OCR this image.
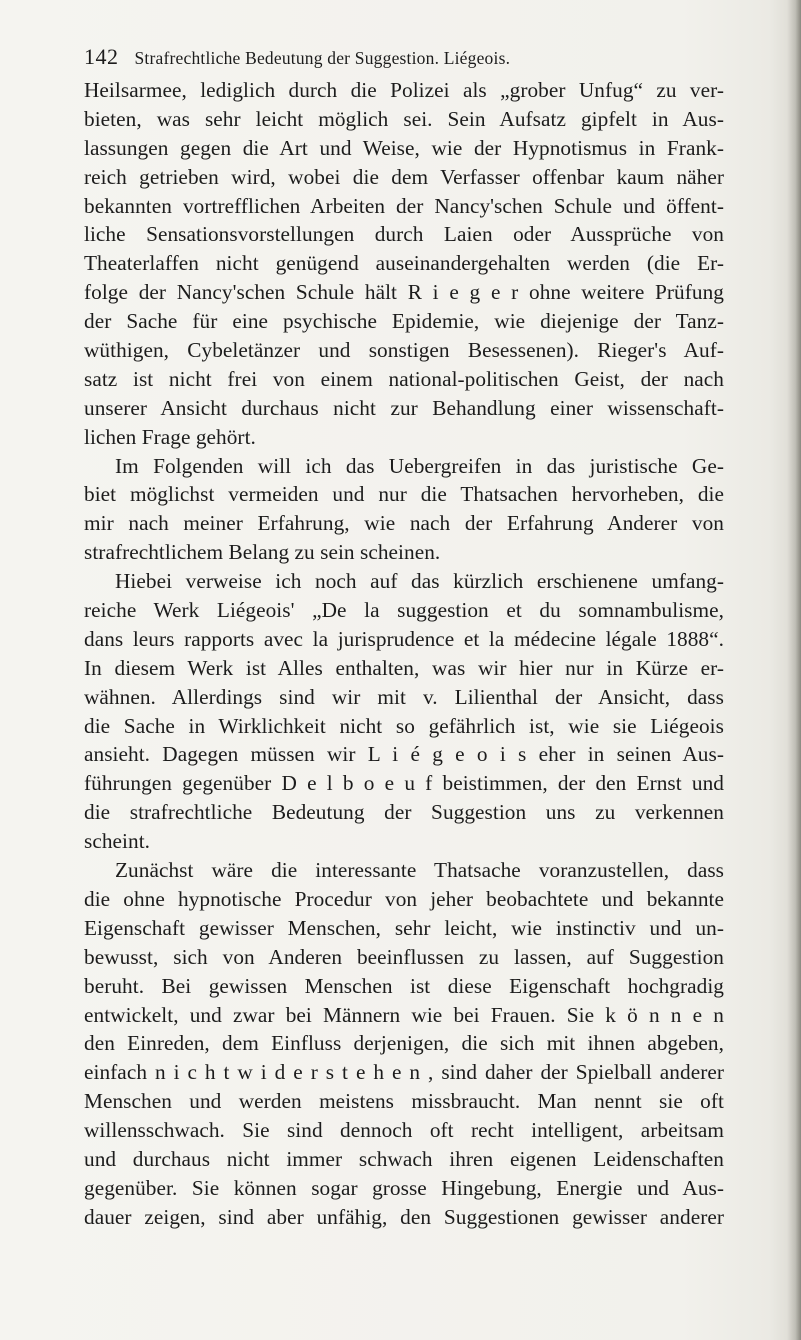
142 Strafrechtliche Bedeutung der Suggestion. Liégeois.
Heilsarmee, lediglich durch die Polizei als „grober Unfug“ zu ver-
bieten, was sehr leicht möglich sei. Sein Aufsatz gipfelt in Aus-
lassungen gegen die Art und Weise, wie der Hypnotismus in Frank-
reich getrieben wird, wobei die dem Verfasser offenbar kaum näher
bekannten vortrefflichen Arbeiten der Nancy'schen Schule und öffent-
liche Sensationsvorstellungen durch Laien oder Aussprüche von
Theaterlaffen nicht genügend auseinandergehalten werden (die Er-
folge der Nancy'schen Schule hält R i e g e r ohne weitere Prüfung
der Sache für eine psychische Epidemie, wie diejenige der Tanz-
wüthigen, Cybeletänzer und sonstigen Besessenen). Rieger's Auf-
satz ist nicht frei von einem national-politischen Geist, der nach
unserer Ansicht durchaus nicht zur Behandlung einer wissenschaft-
lichen Frage gehört.
Im Folgenden will ich das Uebergreifen in das juristische Ge-
biet möglichst vermeiden und nur die Thatsachen hervorheben, die
mir nach meiner Erfahrung, wie nach der Erfahrung Anderer von
strafrechtlichem Belang zu sein scheinen.
Hiebei verweise ich noch auf das kürzlich erschienene umfang-
reiche Werk Liégeois' „De la suggestion et du somnambulisme,
dans leurs rapports avec la jurisprudence et la médecine légale 1888“.
In diesem Werk ist Alles enthalten, was wir hier nur in Kürze er-
wähnen. Allerdings sind wir mit v. Lilienthal der Ansicht, dass
die Sache in Wirklichkeit nicht so gefährlich ist, wie sie Liégeois
ansieht. Dagegen müssen wir L i é g e o i s eher in seinen Aus-
führungen gegenüber D e l b o e u f beistimmen, der den Ernst und
die strafrechtliche Bedeutung der Suggestion uns zu verkennen
scheint.
Zunächst wäre die interessante Thatsache voranzustellen, dass
die ohne hypnotische Procedur von jeher beobachtete und bekannte
Eigenschaft gewisser Menschen, sehr leicht, wie instinctiv und un-
bewusst, sich von Anderen beeinflussen zu lassen, auf Suggestion
beruht. Bei gewissen Menschen ist diese Eigenschaft hochgradig
entwickelt, und zwar bei Männern wie bei Frauen. Sie k ö n n e n
den Einreden, dem Einfluss derjenigen, die sich mit ihnen abgeben,
einfach n i c h t w i d e r s t e h e n , sind daher der Spielball anderer
Menschen und werden meistens missbraucht. Man nennt sie oft
willensschwach. Sie sind dennoch oft recht intelligent, arbeitsam
und durchaus nicht immer schwach ihren eigenen Leidenschaften
gegenüber. Sie können sogar grosse Hingebung, Energie und Aus-
dauer zeigen, sind aber unfähig, den Suggestionen gewisser anderer
